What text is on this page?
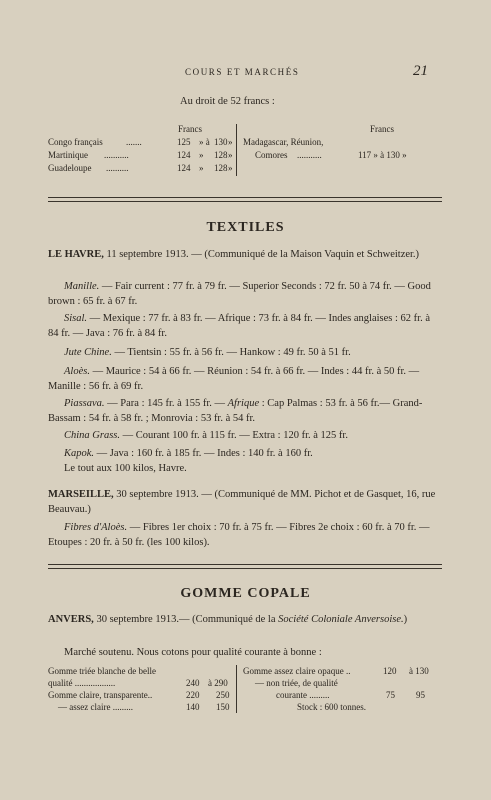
COURS ET MARCHÉS	21
Au droit de 52 francs :
Francs	Francs
Congo français	.......	125 » à 130 »
Martinique ...........	124 » 128 »
Guadeloupe ..........	124 » 128 »
Madagascar, Réunion,
Comores ...........	117 » à 130 »
TEXTILES
LE HAVRE, 11 septembre 1913. — (Communiqué de la Maison Vaquin et Schweitzer.)
Manille. — Fair current : 77 fr. à 79 fr. — Superior Seconds : 72 fr. 50 à 74 fr. — Good brown : 65 fr. à 67 fr.
Sisal. — Mexique : 77 fr. à 83 fr. — Afrique : 73 fr. à 84 fr. — Indes anglaises : 62 fr. à 84 fr. — Java : 76 fr. à 84 fr.
Jute Chine. — Tientsin : 55 fr. à 56 fr. — Hankow : 49 fr. 50 à 51 fr.
Aloès. — Maurice : 54 à 66 fr. — Réunion : 54 fr. à 66 fr. — Indes : 44 fr. à 50 fr. — Manille : 56 fr. à 69 fr.
Piassava. — Para : 145 fr. à 155 fr. — Afrique : Cap Palmas : 53 fr. à 56 fr.— Grand-Bassam : 54 fr. à 58 fr. ; Monrovia : 53 fr. à 54 fr.
China Grass. — Courant 100 fr. à 115 fr. — Extra : 120 fr. à 125 fr.
Kapok. — Java : 160 fr. à 185 fr. — Indes : 140 fr. à 160 fr.
Le tout aux 100 kilos, Havre.
MARSEILLE, 30 septembre 1913. — (Communiqué de MM. Pichot et de Gasquet, 16, rue Beauvau.)
Fibres d'Aloès. — Fibres 1er choix : 70 fr. à 75 fr. — Fibres 2e choix : 60 fr. à 70 fr. — Etoupes : 20 fr. à 50 fr. (les 100 kilos).
GOMME COPALE
ANVERS, 30 septembre 1913.— (Communiqué de la Société Coloniale Anversoise.)
Marché soutenu. Nous cotons pour qualité courante à bonne :
Gomme triée blanche de belle
qualité ..................	240 à 290
Gomme claire, transparente..	220 250
— assez claire .........	140 150
Gomme assez claire opaque ..	120 à 130
— non triée, de qualité
courante .........	75 95
Stock : 600 tonnes.
